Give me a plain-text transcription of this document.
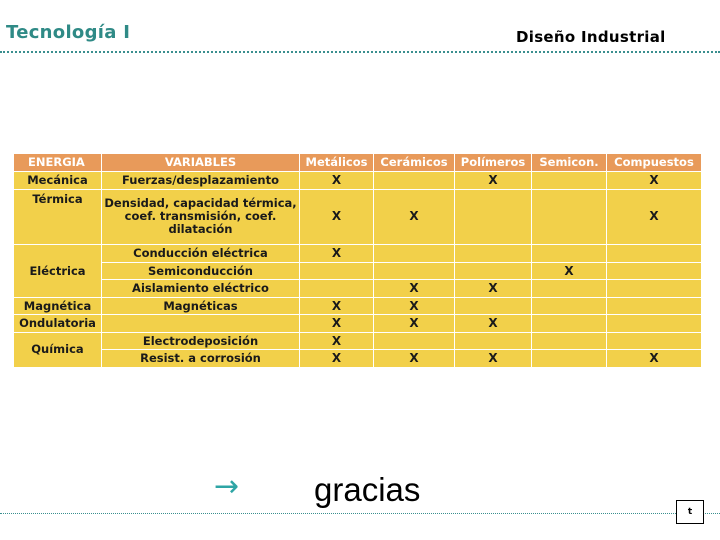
Tecnología I	Diseño Industrial
ENERGIA	VARIABLES	Metálicos	Cerámicos	Polímeros	Semicon.	Compuestos
Mecánica	Fuerzas/desplazamiento	X		X		X
Térmica	Densidad, capacidad térmica, coef. transmisión, coef. dilatación	X	X			X
Eléctrica	Conducción eléctrica	X				
	Semiconducción				X	
	Aislamiento eléctrico		X	X		
Magnética	Magnéticas	X	X			
Ondulatoria		X	X	X		
Química	Electrodeposición	X				
	Resist. a corrosión	X	X	X		X
→ gracias
t
